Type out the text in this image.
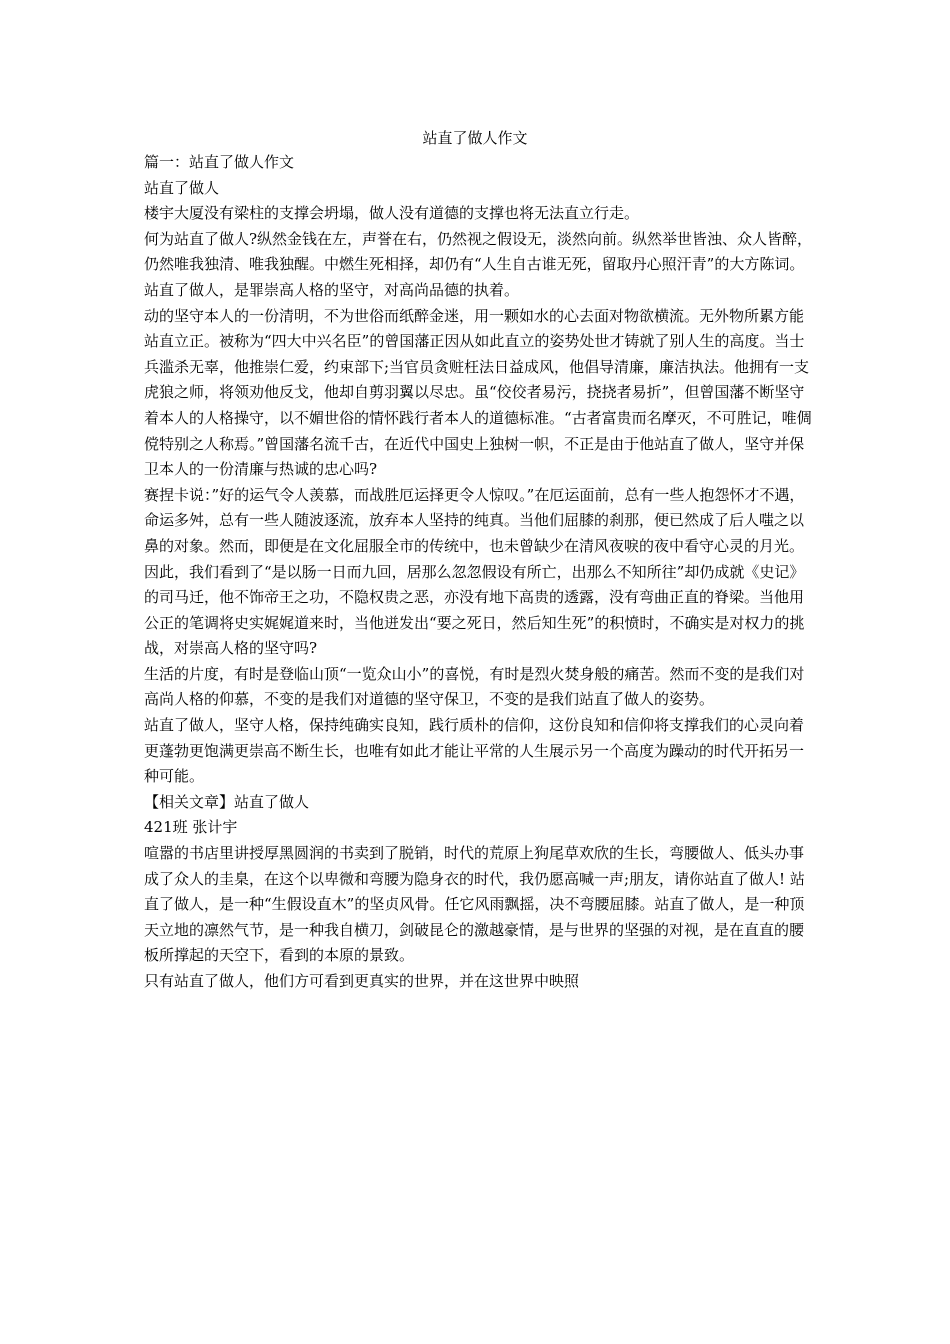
站直了做人作文

篇一：站直了做人作文

站直了做人

楼宇大厦没有梁柱的支撑会坍塌，做人没有道德的支撑也将无法直立行走。

何为站直了做人?纵然金钱在左，声誉在右，仍然视之假设无，淡然向前。纵然举世皆浊、众人皆醉，仍然唯我独清、唯我独醒。中燃生死相择，却仍有“人生自古谁无死，留取丹心照汗青”的大方陈词。站直了做人，是罪崇高人格的坚守，对高尚品德的执着。

动的坚守本人的一份清明，不为世俗而纸醉金迷，用一颗如水的心去面对物欲横流。无外物所累方能站直立正。被称为“四大中兴名臣”的曾国藩正因从如此直立的姿势处世才铸就了别人生的高度。当士兵滥杀无辜，他推崇仁爱，约束部下;当官员贪赃枉法日益成风，他倡导清廉，廉洁执法。他拥有一支虎狼之师，将领劝他反戈，他却自剪羽翼以尽忠。虽“佼佼者易污，挠挠者易折”，但曾国藩不断坚守着本人的人格操守，以不媚世俗的情怀践行者本人的道德标准。“古者富贵而名摩灭，不可胜记，唯倜傥特别之人称焉。”曾国藩名流千古，在近代中国史上独树一帜，不正是由于他站直了做人，坚守并保卫本人的一份清廉与热诚的忠心吗?

赛捏卡说：”好的运气令人羡慕，而战胜厄运择更令人惊叹。”在厄运面前，总有一些人抱怨怀才不遇，命运多舛，总有一些人随波逐流，放弃本人坚持的纯真。当他们屈膝的刹那，便已然成了后人嗤之以鼻的对象。然而，即便是在文化屈服全市的传统中，也未曾缺少在清风夜唳的夜中看守心灵的月光。

因此，我们看到了“是以肠一日而九回，居那么忽忽假设有所亡，出那么不知所往”却仍成就《史记》的司马迁，他不饰帝王之功，不隐权贵之恶，亦没有地下高贵的透露，没有弯曲正直的脊梁。当他用公正的笔调将史实娓娓道来时，当他迸发出“要之死日，然后知生死”的积愤时，不确实是对权力的挑战，对崇高人格的坚守吗?

生活的片度，有时是登临山顶“一览众山小”的喜悦，有时是烈火焚身般的痛苦。然而不变的是我们对高尚人格的仰慕，不变的是我们对道德的坚守保卫，不变的是我们站直了做人的姿势。

站直了做人，坚守人格，保持纯确实良知，践行质朴的信仰，这份良知和信仰将支撑我们的心灵向着更蓬勃更饱满更崇高不断生长，也唯有如此才能让平常的人生展示另一个高度为躁动的时代开拓另一种可能。

【相关文章】站直了做人

421班 张计宇

喧嚣的书店里讲授厚黑圆润的书卖到了脱销，时代的荒原上狗尾草欢欣的生长，弯腰做人、低头办事成了众人的圭臬，在这个以卑微和弯腰为隐身衣的时代，我仍愿高喊一声;朋友，请你站直了做人! 站直了做人，是一种“生假设直木”的坚贞风骨。任它风雨飘摇，决不弯腰屈膝。站直了做人，是一种顶天立地的凛然气节，是一种我自横刀，剑破昆仑的激越豪情，是与世界的坚强的对视，是在直直的腰板所撑起的天空下，看到的本原的景致。

只有站直了做人，他们方可看到更真实的世界，并在这世界中映照
